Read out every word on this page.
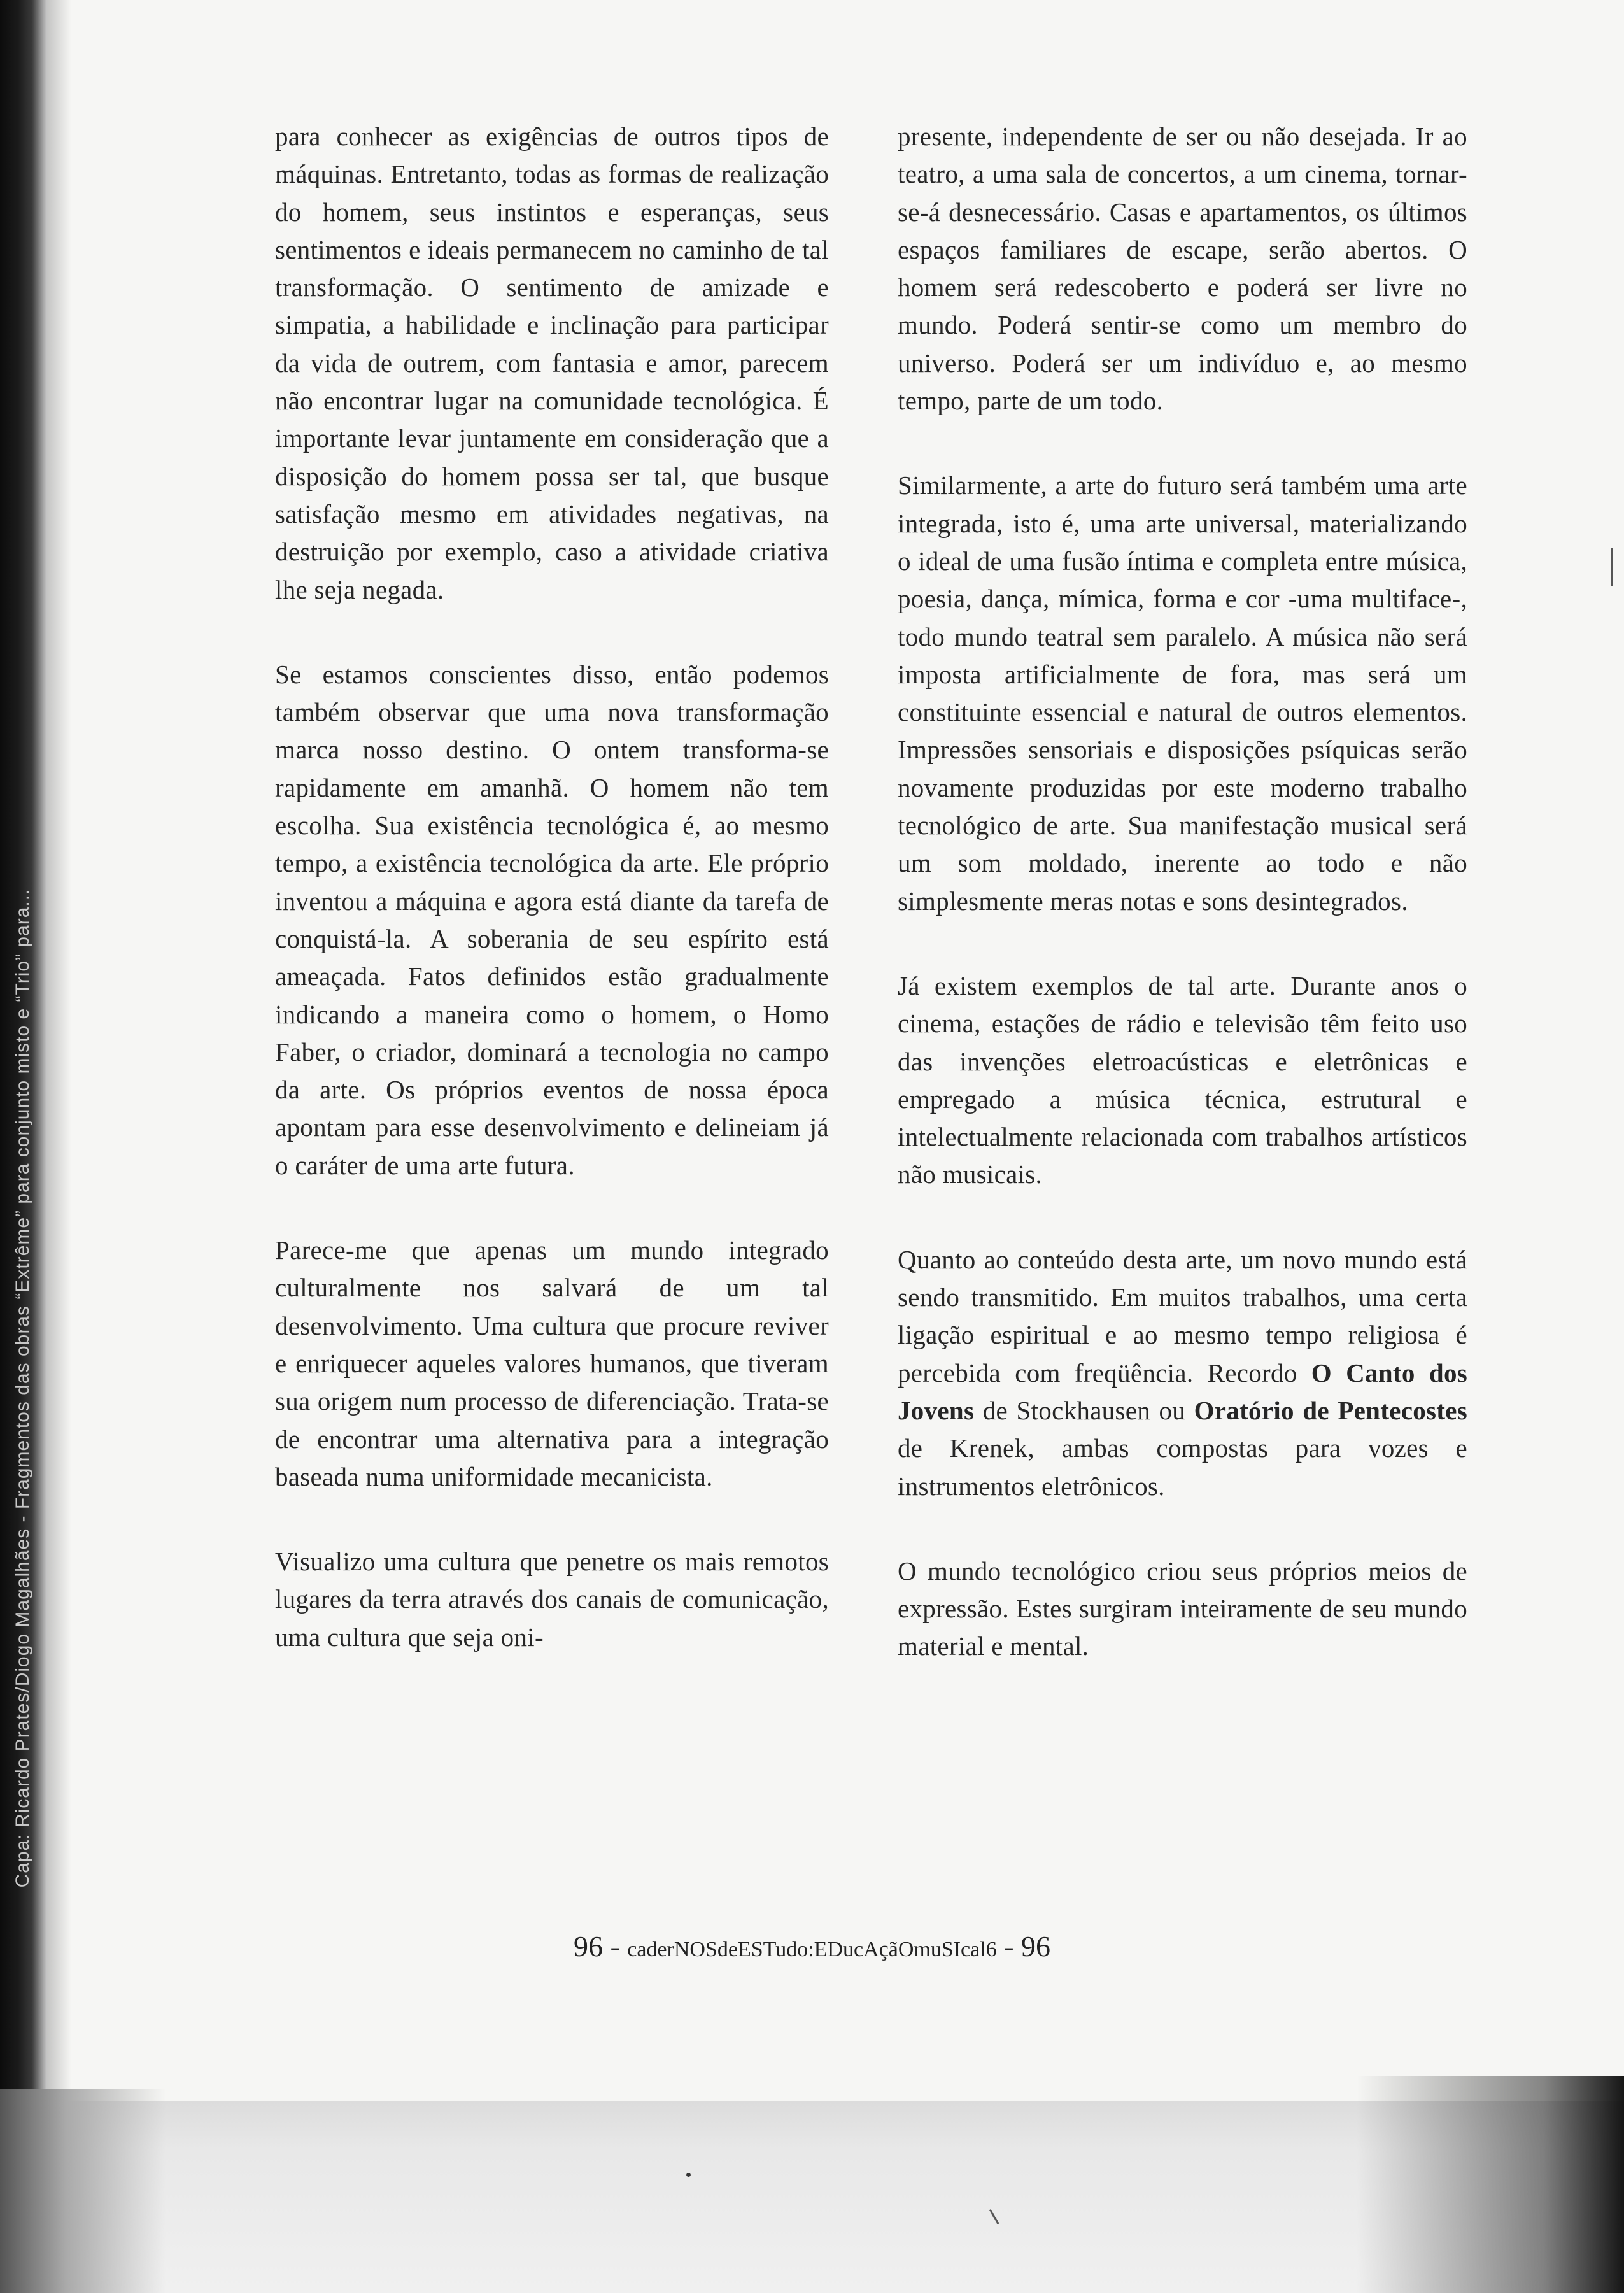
Capa: Ricardo Prates/Diogo Magalhães - Fragmentos das obras “Extrême” para conjunto misto e “Trio” para...

para conhecer as exigências de outros tipos de máquinas. Entretanto, todas as formas de realização do homem, seus instintos e esperanças, seus sentimentos e ideais permanecem no caminho de tal transformação. O sentimento de amizade e simpatia, a habilidade e inclinação para participar da vida de outrem, com fantasia e amor, parecem não encontrar lugar na comunidade tecnológica. É importante levar juntamente em consideração que a disposição do homem possa ser tal, que busque satisfação mesmo em atividades negativas, na destruição por exemplo, caso a atividade criativa lhe seja negada.

Se estamos conscientes disso, então podemos também observar que uma nova transformação marca nosso destino. O ontem transforma-se rapidamente em amanhã. O homem não tem escolha. Sua existência tecnológica é, ao mesmo tempo, a existência tecnológica da arte. Ele próprio inventou a máquina e agora está diante da tarefa de conquistá-la. A soberania de seu espírito está ameaçada. Fatos definidos estão gradualmente indicando a maneira como o homem, o Homo Faber, o criador, dominará a tecnologia no campo da arte. Os próprios eventos de nossa época apontam para esse desenvolvimento e delineiam já o caráter de uma arte futura.

Parece-me que apenas um mundo integrado culturalmente nos salvará de um tal desenvolvimento. Uma cultura que procure reviver e enriquecer aqueles valores humanos, que tiveram sua origem num processo de diferenciação. Trata-se de encontrar uma alternativa para a integração baseada numa uniformidade mecanicista.

Visualizo uma cultura que penetre os mais remotos lugares da terra através dos canais de comunicação, uma cultura que seja oni-

presente, independente de ser ou não desejada. Ir ao teatro, a uma sala de concertos, a um cinema, tornar-se-á desnecessário. Casas e apartamentos, os últimos espaços familiares de escape, serão abertos. O homem será redescoberto e poderá ser livre no mundo. Poderá sentir-se como um membro do universo. Poderá ser um indivíduo e, ao mesmo tempo, parte de um todo.

Similarmente, a arte do futuro será também uma arte integrada, isto é, uma arte universal, materializando o ideal de uma fusão íntima e completa entre música, poesia, dança, mímica, forma e cor -uma multiface-, todo mundo teatral sem paralelo. A música não será imposta artificialmente de fora, mas será um constituinte essencial e natural de outros elementos. Impressões sensoriais e disposições psíquicas serão novamente produzidas por este moderno trabalho tecnológico de arte. Sua manifestação musical será um som moldado, inerente ao todo e não simplesmente meras notas e sons desintegrados.

Já existem exemplos de tal arte. Durante anos o cinema, estações de rádio e televisão têm feito uso das invenções eletroacústicas e eletrônicas e empregado a música técnica, estrutural e intelectualmente relacionada com trabalhos artísticos não musicais.

Quanto ao conteúdo desta arte, um novo mundo está sendo transmitido. Em muitos trabalhos, uma certa ligação espiritual e ao mesmo tempo religiosa é percebida com freqüência. Recordo O Canto dos Jovens de Stockhausen ou Oratório de Pentecostes de Krenek, ambas compostas para vozes e instrumentos eletrônicos.

O mundo tecnológico criou seus próprios meios de expressão. Estes surgiram inteiramente de seu mundo material e mental.

96 - caderNOSdeESTudo:EDucAçãOmuSIcal6 - 96
